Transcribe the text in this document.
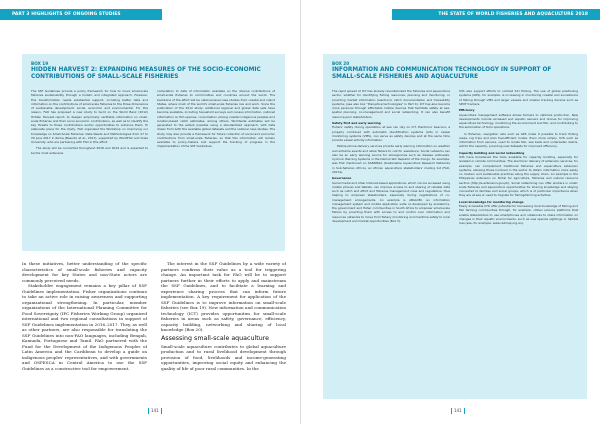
PART 3 HIGHLIGHTS OF ONGOING STUDIES
BOX 19
HIDDEN HARVEST 2: EXPANDING MEASURES OF THE SOCIO-ECONOMIC CONTRIBUTIONS OF SMALL-SCALE FISHERIES

The SSF Guidelines provide a policy framework for how to move small-scale fisheries sustainability through a holistic and integrated approach. However, this transformation needs substantial support, including better data and information on the contributions of small-scale fisheries to the three dimensions of sustainable development: social, economic and environmental. For this reason, FAO has proposed a new study to build on the World Bank (2012) Hidden Harvest report, to deepen empirically verifiable information on small-scale fisheries and their socio-economic contributions, as well as to identify the key threats to these contributions and/or opportunities to enhance them. To elaborate plans for the study, FAO organized the Workshop on Improving our Knowledge on Small-Scale Fisheries: Data Needs and Methodologies from 27 to 29 June 2017 in Rome (Basurto et al., 2017), supported by WorldFish and Duke University, who are partnering with FAO in this effort.

The study will be conducted throughout 2018 and 2019 and is expected to be the most extensive

compilation to date of information available on the diverse contributions of small-scale fisheries to communities and countries around the world. The backbone of the effort will be national-level case studies from coastal and inland States, where most of the world's small-scale fisheries live and work. Since the publication of the 2012 study, additional regional and global data sets have become available, including household surveys and census information, national information on fish species, consumption among coastal indigenous peoples and location-based catch estimates, among others. Worldwide estimates will be generated to the extent possible using a standardized approach, with data drawn from both the available global datasets and the national case studies. The study may also provide a framework for future collection of social and economic contributions from small-scale fisheries, so that this information will remain available to policy-makers and support the tracking of progress in the implementation of the SSF Guidelines.

In these initiatives, better understanding of the specific characteristics of small-scale fisheries and capacity development for key States and non-State actors are commonly perceived needs.

Stakeholder engagement remains a key pillar of SSF Guidelines implementation. Fisher organizations continue to take an active role in raising awareness and supporting organizational strengthening. In particular, member organizations of the International Planning Committee for Food Sovereignty (IPC Fisheries Working Group) organized international and two regional consultations in support of SSF Guidelines implementation in 2016–2017. They, as well as other partners, are also responsible for translating the SSF Guidelines into non-FAO languages, including Bengali, Kannada, Portuguese and Tamil. FAO partnered with the Fund for the Development of the Indigenous Peoples of Latin America and the Caribbean to develop a guide on indigenous peoples' representatives, and with governments and OSPESCA in Central America to use the SSF Guidelines as a constructive tool for empowerment.

The interest in the SSF Guidelines by a wide variety of partners confirms their value as a tool for triggering change. An important task for FAO will be to support partners further in their efforts to apply and mainstream the SSF Guidelines, and to facilitate a learning and experience sharing process that can inform future implementation. A key requirement for application of the SSF Guidelines is to improve information on small-scale fisheries (see Box 19). New information and communication technology (ICT) provides opportunities for small-scale fisheries in areas such as safety, governance, efficiency, capacity building, networking and sharing of local knowledge (Box 20).

Assessing small-scale aquaculture

Small-scale aquaculture contributes to global aquaculture production and to rural livelihood development through provision of food, livelihoods and income-generating opportunities, improving social equity and enhancing the quality of life of poor rural communities. In the

141
THE STATE OF WORLD FISHERIES AND AQUACULTURE 2018
BOX 20
INFORMATION AND COMMUNICATION TECHNOLOGY IN SUPPORT OF SMALL-SCALE FISHERIES AND AQUACULTURE

The rapid spread of ICT has already revolutionized the fisheries and aquaculture sector, whether for identifying fishing resources, planning and monitoring, or providing market information (electronic catch documentation and traceability systems; (see also box "Disruptive technologies" in Part 4). ICT has also become more personal through affordable mobile devices that facilitate safety at sea, spatial planning, co-management and social networking. It can also benefit resource-poor stakeholders.

Safety first and early warning

Fishers' safety during operations at sea can rely on ICT. Electronic beacons, a properly combined with automatic identification systems (AIS) or vessel monitoring systems (VMS), can serve as safety devices and at the same time provide vessel activity information.

Mobile phone-delivery services provide early warning information on weather and extreme events and allow fishers to call for assistance. Social networks can also be an early warning source for emergencies such as disease outbreaks. Cyclonic Warning Systems in the Democratic Republic of the Congo, for example, was first mentioned on SARNISSA (Sustainable Aquaculture Research Networks in Sub-Saharan Africa), an African aquaculture stakeholders' mailing list (FAO, 2017a).

Governance

Social media and other Internet-based applications, which can be accessed using mobile phones and tablets, can improve access to and sharing of reliable data such as catch and effort and fisheries management rules and regulations, thus helping to empower stakeholders, especially during negotiations of co-management arrangements. An example is ABALOBI, an information management system and mobile application suite co-developed by academics, the government and fisher communities in South Africa to empower small-scale fishers by providing them with access to and control over information and resources networks to move from fishery monitoring and maritime safety to local development and market opportunities (Box 5).

ICTs also support efforts to combat IUU fishing. The use of global positioning systems (GPS), for example, is increasing in monitoring coastal and surveillance of fishing through VMS and larger vessels and smaller tracking devices such as SPOT trackers.

Efficiency

Aquaculture management software allows farmers to optimize production. New developments include air-based and aquatic sensors and drones for improving aquaculture technology, monitoring the environment and fish, and contributing to the automation of farm operations.

In fisheries, navigation aids such as GPS make it possible to track fishing areas, log trips and plan fuel-efficient routes. Even more simply, ICTs such as information from sensors, used to locate fish, sea beds and underwater debris, add to the capacity, providing new datasets for improved efficiency.

Capacity building and social networking

ICTs have broadened the tools available for capacity building, especially for isolated or remote communities. The electronic delivery of extension services, for example, can complement traditional fisheries and aquaculture extension systems, allowing those involved in the sector to obtain information more easily on modern and sustainable practices along the supply chain. An example in the Philippines extension on Portal for agriculture, fisheries and natural resource sectors (http://e-extension.gov.ph). Social networking can offer workers in small-scale fisheries and aquaculture opportunities for sharing knowledge and staying connected to families and social groups, which is of particular importance when they are at sea or need to migrate for fishing/farming activities.

Local knowledge for monitoring change

Easily accessible ICTs offer potential for harnessing local knowledge of fishing and fish farming communities through, for example, citizen science platforms that enable stakeholders to use smartphones and notebooks to share information on changes in their aquatic environments, such as new species sightings or habitat loss (see, for example, www.redmap.org.au).

141
